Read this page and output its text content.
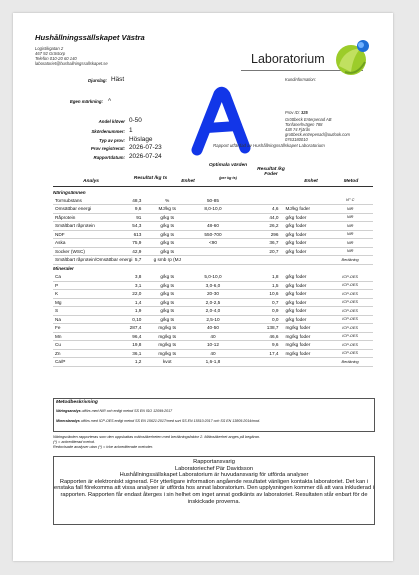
Hushållningssällskapet Västra
Logistikgatan 2
467 92 Grästorp
Telefon 010-20 60 140
laboratoriet@hushallningssallskapet.se	Laboratorium
Djurslag: Häst
Egen märkning: A
Andel klöver 0-50
Skördenummer: 1
Typ av prov: Höslage
Prov registrerat: 2026-07-23
Rapportdatum: 2026-07-24
Kundinformation:
Prov ID: 325
Gröttbeck Enterpenad AB
Tonfanerhvägen 788
438 74 Fjärås
grottbeck.entrepenad@outlook.com
0763180010
Rapport utfärdad av Hushållningssällskapet Laboratorium
Analys
Resultat /kg ts
Enhet
Optimala värden
(per kg ts)
Resultat /kg Foder
Enhet	Metod
Näringsämnen						
Torrsubstans	48,3	%	50-85			Vi° C
Omsättbar energi	9,6	MJ/kg ts	8,0-10,0	4,6	MJ/kg foder	NIR
Råprotein	91	g/kg ts		44,0	g/kg foder	NIR
Smältbart råprotein	54,3	g/kg ts	48-60	26,2	g/kg foder	NIR
NDF	613	g/kg ts	550-700	296	g/kg foder	NIR
Aska	75,9	g/kg ts	<90	36,7	g/kg foder	NIR
Socker (WSC)	42,9	g/kg ts		20,7	g/kg foder	NIR
Smältbart råprotein/Omsättbar energi	5,7	g smb rp (MJ				Beräkning
Mineraler						
Ca	3,8	g/kg ts	5,0-10,0	1,8	g/kg foder	ICP-OES
P	3,1	g/kg ts	3,0-6,0	1,5	g/kg foder	ICP-OES
K	22,0	g/kg ts	20-30	10,6	g/kg foder	ICP-OES
Mg	1,4	g/kg ts	2,0-2,5	0,7	g/kg foder	ICP-OES
S	1,9	g/kg ts	2,0-4,0	0,9	g/kg foder	ICP-OES
Na	0,10	g/kg ts	2,5-10	0,0	g/kg foder	ICP-OES
Fe	287,4	mg/kg ts	40-50	138,7	mg/kg foder	ICP-OES
Mn	96,4	mg/kg ts	40	46,6	mg/kg foder	ICP-OES
Cu	19,8	mg/kg ts	10-12	9,6	mg/kg foder	ICP-OES
Zn	36,1	mg/kg ts	40	17,4	mg/kg foder	ICP-OES
Ca/P	1,2	kvot	1,6-1,8			Beräkning
Metodbeskrivning
Näringsanalys utförs med NIR och enligt metod SS EN ISO 12099:2017
Mineralanalys utförs med ICP-OES enligt metod SS EN 15621:2017/med surt SS EN 15510:2017 och SS EN 13805:2014/mod.
Näringsvärden rapporteras som den uppskattas mätosäkerheten med beräkningsfaktor 2. Mätosäkerhet anges på begäran.
(*) = ackrediterad metod.
Redovisade analyser utan (*) = icke ackrediterade metoder.
Rapportansvarig
Laboratoriechef Pär Davidsson
Hushållningssällskapet Laboratorium är huvudansvarig för utförda analyser
Rapporten är elektroniskt signerad. För ytterligare information angående resultatet vänligen kontakta laboratoriet. Det kan i
enstaka fall förekomma att vissa analyser är utförda hos annat laboratorium. Den upplysningen kommer då att vara inkluderad i
rapporten. Rapporten får endast återges i sin helhet om inget annat godkänts av laboratoriet. Resultaten står enbart för de
inskickade proverna.
